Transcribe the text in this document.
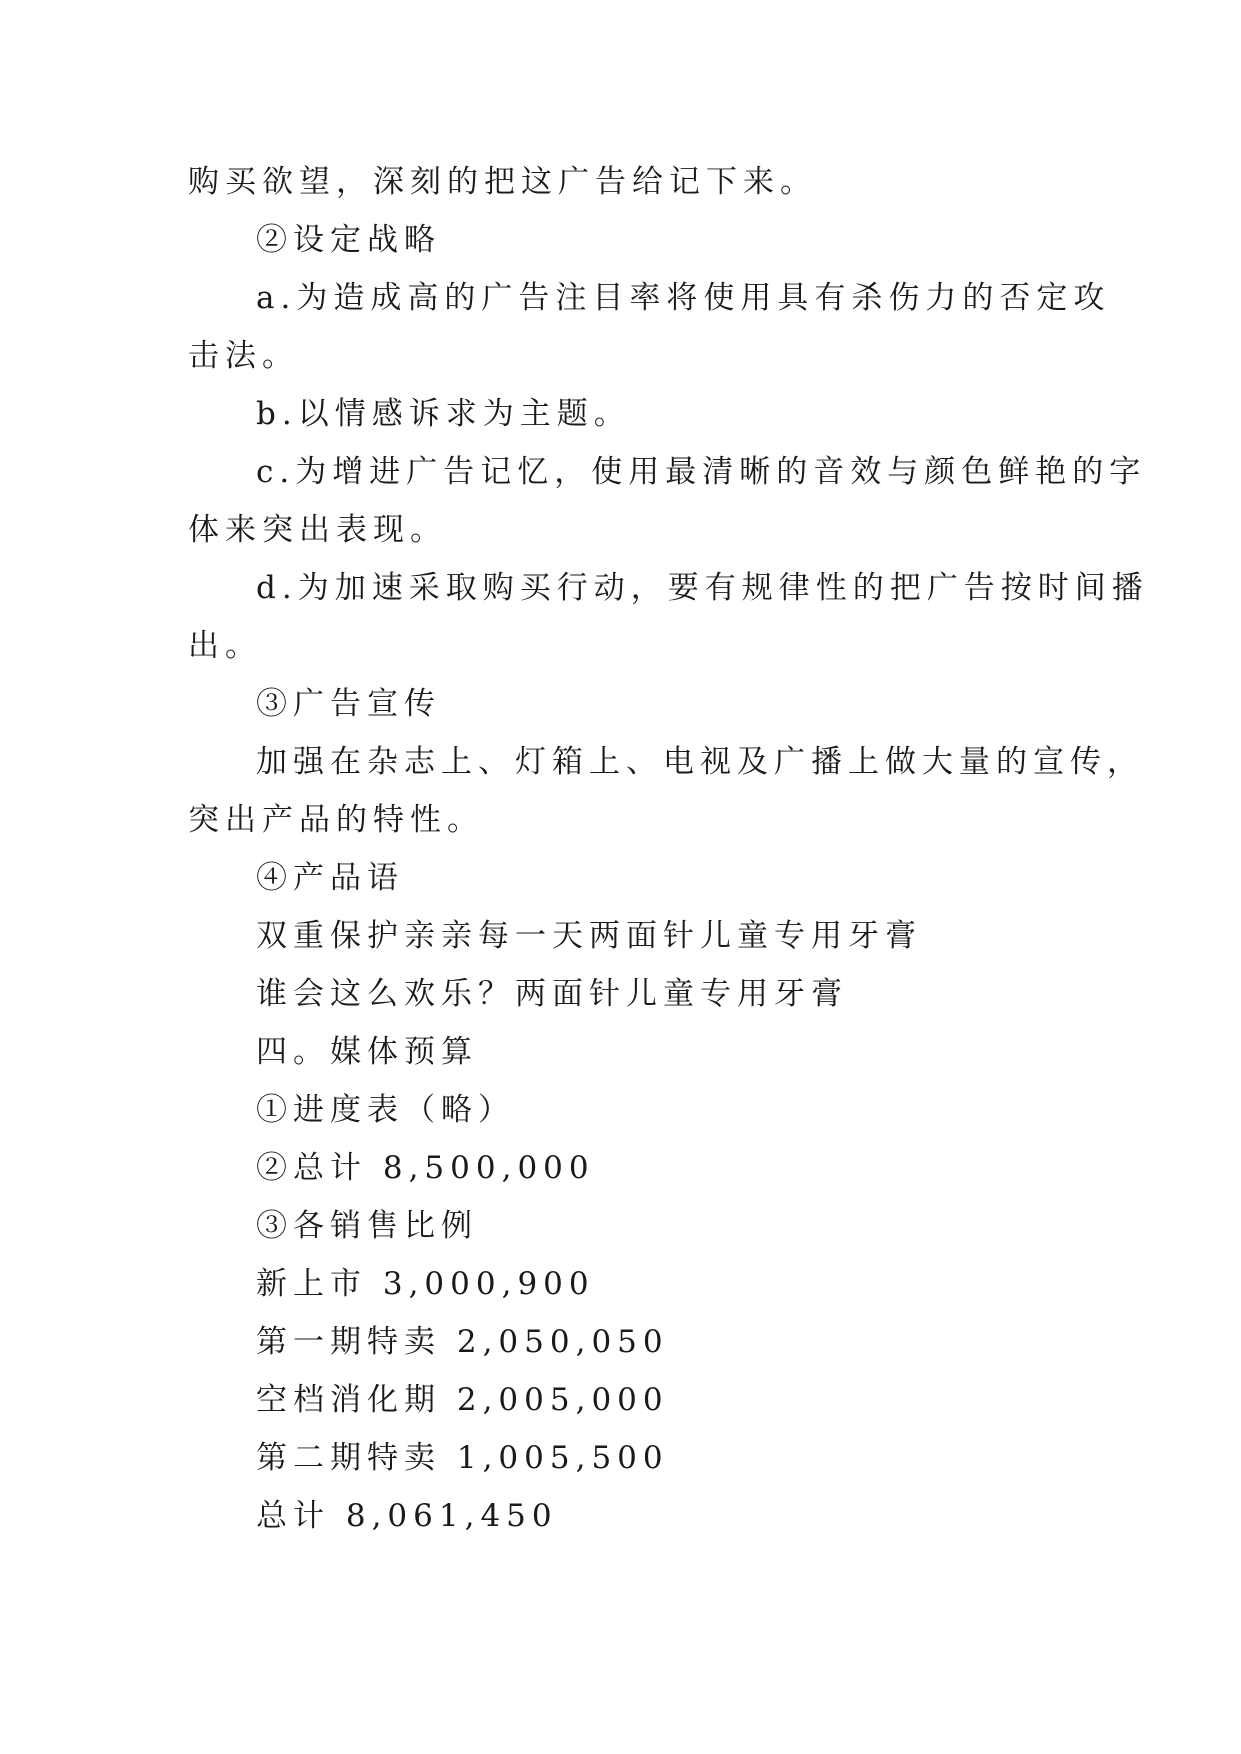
购买欲望，深刻的把这广告给记下来。
②设定战略
a.为造成高的广告注目率将使用具有杀伤力的否定攻
击法。
b.以情感诉求为主题。
c.为增进广告记忆，使用最清晰的音效与颜色鲜艳的字
体来突出表现。
d.为加速采取购买行动，要有规律性的把广告按时间播
出。
③广告宣传
加强在杂志上、灯箱上、电视及广播上做大量的宣传，
突出产品的特性。
④产品语
双重保护亲亲每一天两面针儿童专用牙膏
谁会这么欢乐？两面针儿童专用牙膏
四。媒体预算
①进度表（略）
②总计 8,500,000
③各销售比例
新上市 3,000,900
第一期特卖 2,050,050
空档消化期 2,005,000
第二期特卖 1,005,500
总计 8,061,450
